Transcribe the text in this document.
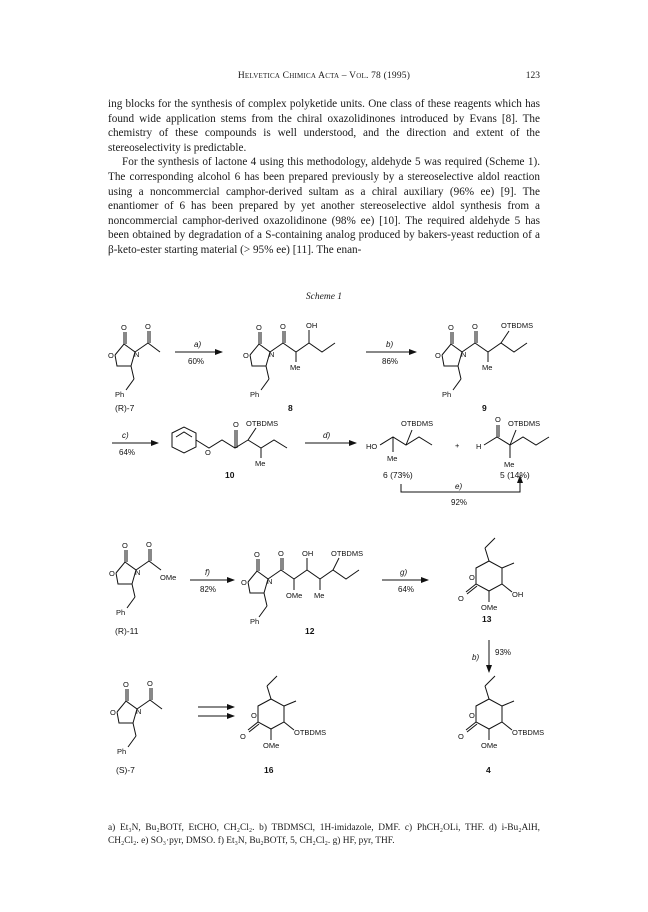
Helvetica Chimica Acta – Vol. 78 (1995)	123

ing blocks for the synthesis of complex polyketide units. One class of these reagents which has found wide application stems from the chiral oxazolidinones introduced by Evans [8]. The chemistry of these compounds is well understood, and the direction and extent of the stereoselectivity is predictable.

For the synthesis of lactone 4 using this methodology, aldehyde 5 was required (Scheme 1). The corresponding alcohol 6 has been prepared previously by a stereoselective aldol reaction using a noncommercial camphor-derived sultam as a chiral auxiliary (96% ee) [9]. The enantiomer of 6 has been prepared by yet another stereoselective aldol synthesis from a noncommercial camphor-derived oxazolidinone (98% ee) [10]. The required aldehyde 5 has been obtained by degradation of a S-containing analog produced by bakers-yeast reduction of a β-keto-ester starting material (> 95% ee) [11]. The enan-

Scheme 1
O O
O	N
Ph
O O
O	N
OH
Me
Ph
O O
O	N
OTBDMS
Me
Ph
O
O
OTBDMS
Me
HO
OTBDMS
Me
+ H
O OTBDMS
Me
O O
O	N
OMe
Ph
O O
O	N
OH OTBDMS
OMe Me
Ph
O
O	OH
OMe
O O
O	N
Ph
O
O	OTBDMS
OMe
O
O	OTBDMS
OMe
a)
60%
b)
86%
c)
64%
d)
e)
92%
f)
82%
g)
64%
b)
93%
(R)-7	8	9
10	6 (73%)	5 (14%)
(R)-11	12
13
(S)-7	16	4
a) Et₃N, Bu₂BOTf, EtCHO, CH₂Cl₂. b) TBDMSCl, 1H-imidazole, DMF. c) PhCH₂OLi, THF. d) i-Bu₂AlH, CH₂Cl₂. e) SO₃·pyr, DMSO. f) Et₃N, Bu₂BOTf, 5, CH₂Cl₂. g) HF, pyr, THF.
